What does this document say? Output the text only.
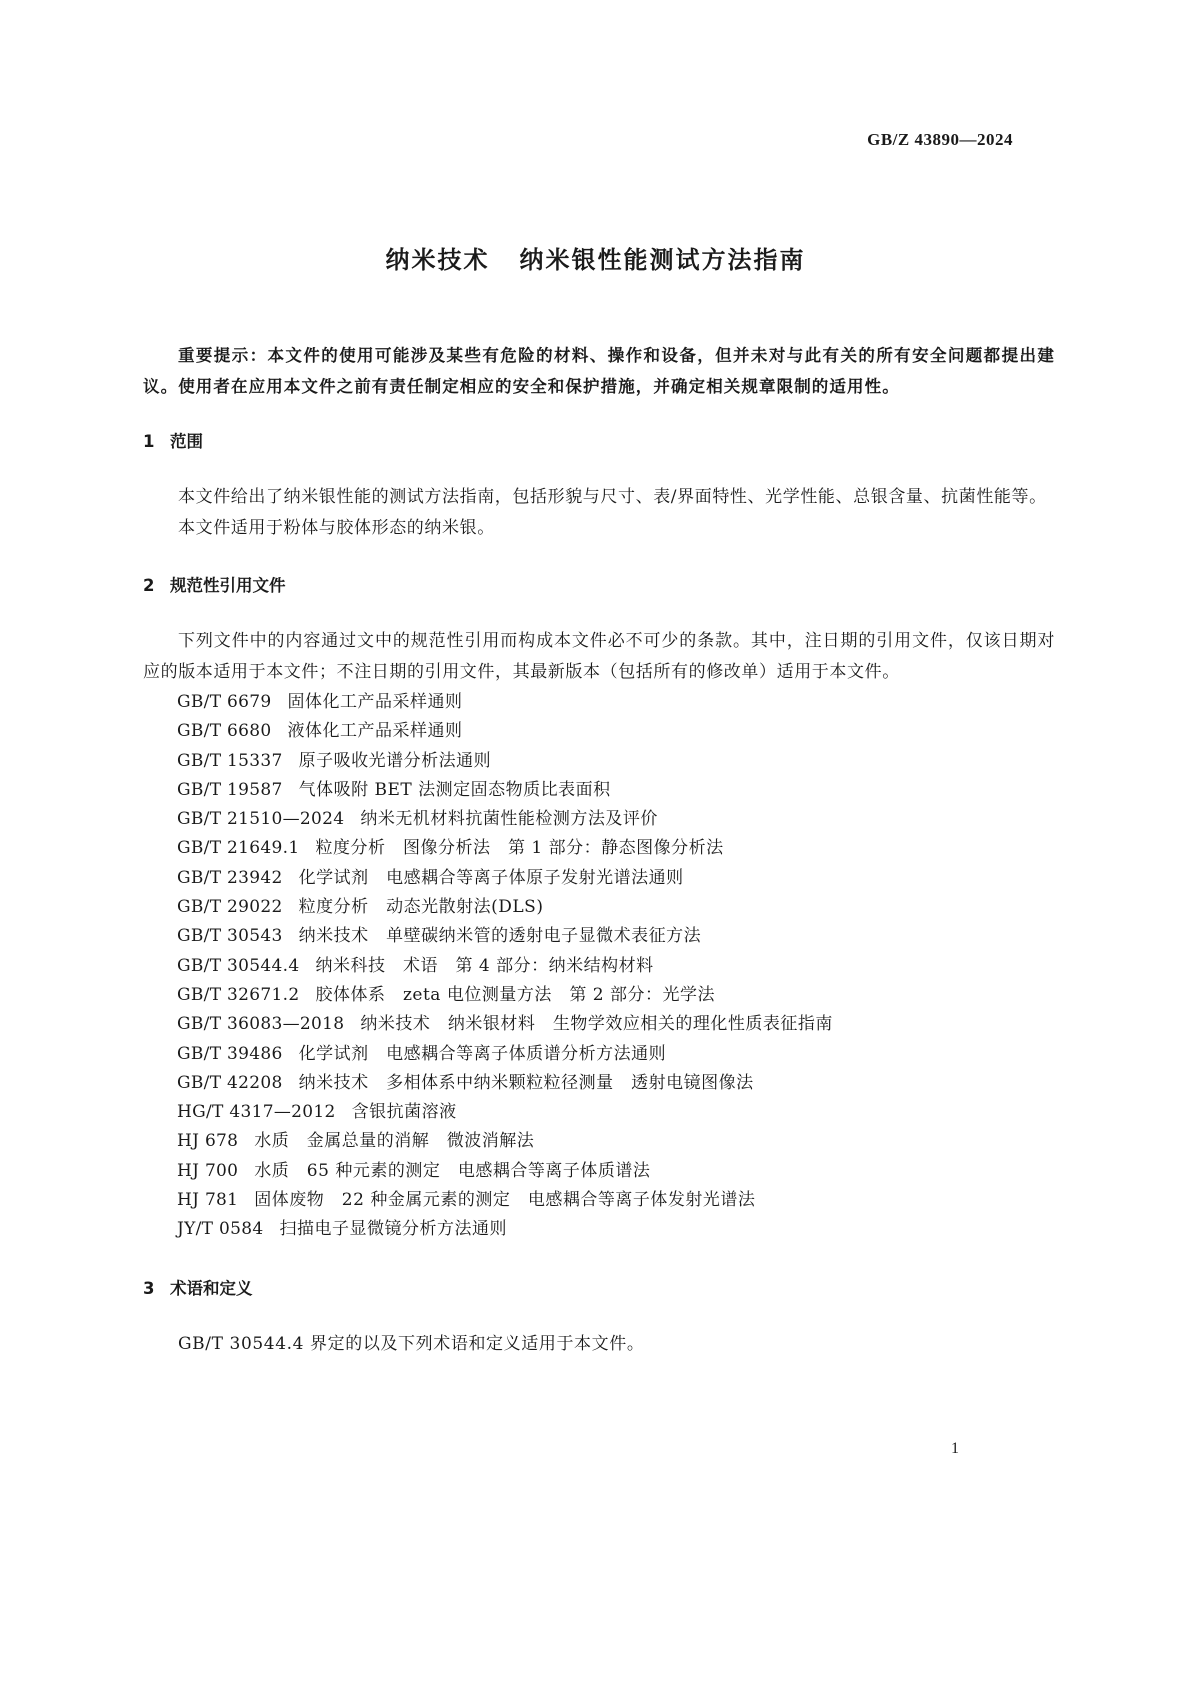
GB/Z 43890—2024
纳米技术 纳米银性能测试方法指南

重要提示：本文件的使用可能涉及某些有危险的材料、操作和设备，但并未对与此有关的所有安全问题都提出建议。使用者在应用本文件之前有责任制定相应的安全和保护措施，并确定相关规章限制的适用性。

1 范围

本文件给出了纳米银性能的测试方法指南，包括形貌与尺寸、表/界面特性、光学性能、总银含量、抗菌性能等。

本文件适用于粉体与胶体形态的纳米银。

2 规范性引用文件

下列文件中的内容通过文中的规范性引用而构成本文件必不可少的条款。其中，注日期的引用文件，仅该日期对应的版本适用于本文件；不注日期的引用文件，其最新版本（包括所有的修改单）适用于本文件。

GB/T 6679 固体化工产品采样通则
GB/T 6680 液体化工产品采样通则
GB/T 15337 原子吸收光谱分析法通则
GB/T 19587 气体吸附 BET 法测定固态物质比表面积
GB/T 21510—2024 纳米无机材料抗菌性能检测方法及评价
GB/T 21649.1 粒度分析　图像分析法　第 1 部分：静态图像分析法
GB/T 23942 化学试剂　电感耦合等离子体原子发射光谱法通则
GB/T 29022 粒度分析　动态光散射法(DLS)
GB/T 30543 纳米技术　单壁碳纳米管的透射电子显微术表征方法
GB/T 30544.4 纳米科技　术语　第 4 部分：纳米结构材料
GB/T 32671.2 胶体体系　zeta 电位测量方法　第 2 部分：光学法
GB/T 36083—2018 纳米技术　纳米银材料　生物学效应相关的理化性质表征指南
GB/T 39486 化学试剂　电感耦合等离子体质谱分析方法通则
GB/T 42208 纳米技术　多相体系中纳米颗粒粒径测量　透射电镜图像法
HG/T 4317—2012 含银抗菌溶液
HJ 678 水质　金属总量的消解　微波消解法
HJ 700 水质　65 种元素的测定　电感耦合等离子体质谱法
HJ 781 固体废物　22 种金属元素的测定　电感耦合等离子体发射光谱法
JY/T 0584 扫描电子显微镜分析方法通则
3 术语和定义

GB/T 30544.4 界定的以及下列术语和定义适用于本文件。

1
